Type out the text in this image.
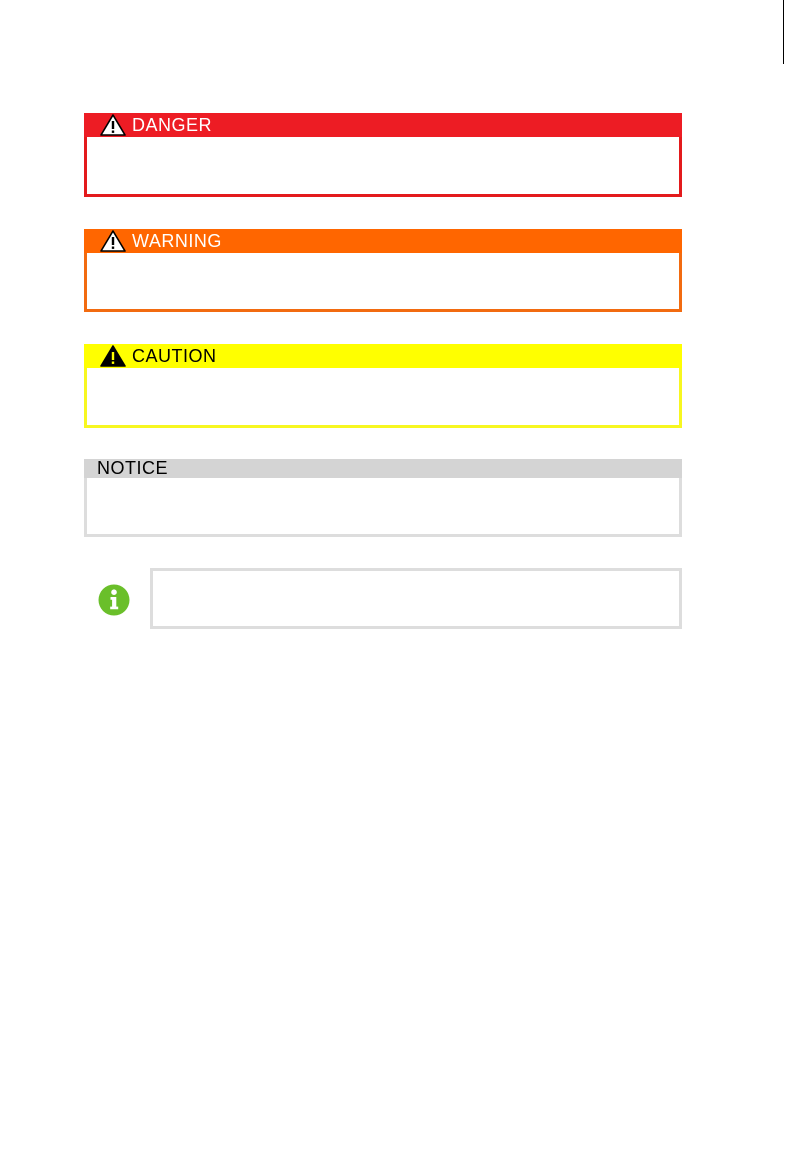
DANGER
WARNING
CAUTION
NOTICE
